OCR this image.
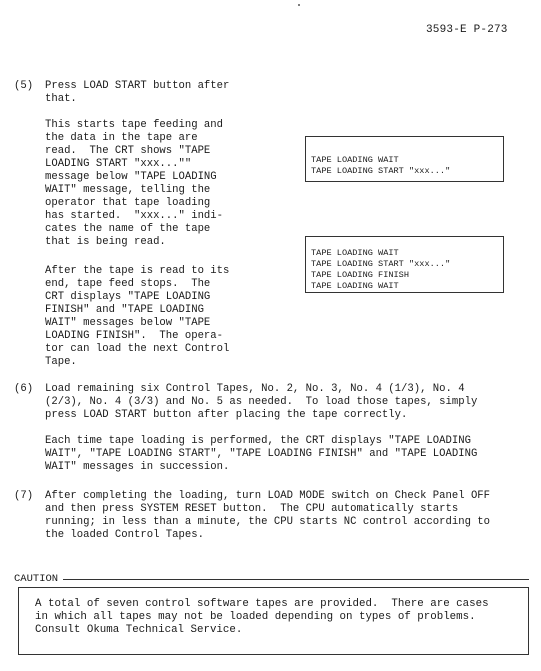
3593-E P-273
(5) Press LOAD START button after
that.
This starts tape feeding and
the data in the tape are
read.  The CRT shows "TAPE
LOADING START "xxx...""
message below "TAPE LOADING
WAIT" message, telling the
operator that tape loading
has started.  "xxx..." indi-
cates the name of the tape
that is being read.
After the tape is read to its
end, tape feed stops.  The
CRT displays "TAPE LOADING
FINISH" and "TAPE LOADING
WAIT" messages below "TAPE
LOADING FINISH".  The opera-
tor can load the next Control
Tape.
TAPE LOADING WAIT
TAPE LOADING START "xxx..."
TAPE LOADING WAIT
TAPE LOADING START "xxx..."
TAPE LOADING FINISH
TAPE LOADING WAIT
(6) Load remaining six Control Tapes, No. 2, No. 3, No. 4 (1/3), No. 4
(2/3), No. 4 (3/3) and No. 5 as needed.  To load those tapes, simply
press LOAD START button after placing the tape correctly.
Each time tape loading is performed, the CRT displays "TAPE LOADING
WAIT", "TAPE LOADING START", "TAPE LOADING FINISH" and "TAPE LOADING
WAIT" messages in succession.
(7) After completing the loading, turn LOAD MODE switch on Check Panel OFF
and then press SYSTEM RESET button.  The CPU automatically starts
running; in less than a minute, the CPU starts NC control according to
the loaded Control Tapes.
CAUTION
A total of seven control software tapes are provided.  There are cases
in which all tapes may not be loaded depending on types of problems.
Consult Okuma Technical Service.
